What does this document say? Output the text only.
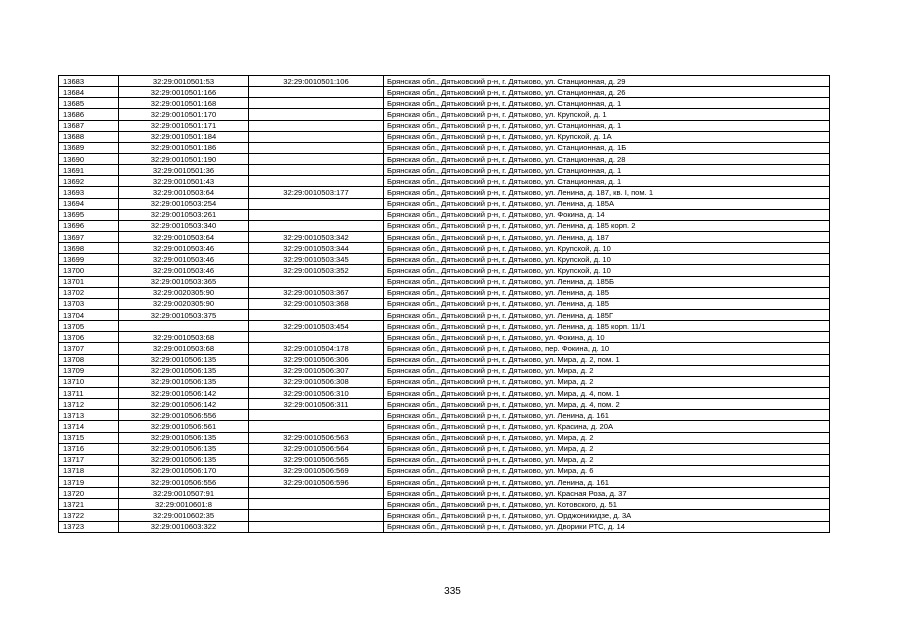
13683	32:29:0010501:53	32:29:0010501:106	Брянская обл., Дятьковский р-н, г. Дятьково, ул. Станционная, д. 29
13684	32:29:0010501:166		Брянская обл., Дятьковский р-н, г. Дятьково, ул. Станционная, д. 26
13685	32:29:0010501:168		Брянская обл., Дятьковский р-н, г. Дятьково, ул. Станционная, д. 1
13686	32:29:0010501:170		Брянская обл., Дятьковский р-н, г. Дятьково, ул. Крупской, д. 1
13687	32:29:0010501:171		Брянская обл., Дятьковский р-н, г. Дятьково, ул. Станционная, д. 1
13688	32:29:0010501:184		Брянская обл., Дятьковский р-н, г. Дятьково, ул. Крупской, д. 1А
13689	32:29:0010501:186		Брянская обл., Дятьковский р-н, г. Дятьково, ул. Станционная, д. 1Б
13690	32:29:0010501:190		Брянская обл., Дятьковский р-н, г. Дятьково, ул. Станционная, д. 28
13691	32:29:0010501:36		Брянская обл., Дятьковский р-н, г. Дятьково, ул. Станционная, д. 1
13692	32:29:0010501:43		Брянская обл., Дятьковский р-н, г. Дятьково, ул. Станционная, д. 1
13693	32:29:0010503:64	32:29:0010503:177	Брянская обл., Дятьковский р-н, г. Дятьково, ул. Ленина, д. 187, кв. I, пом. 1
13694	32:29:0010503:254		Брянская обл., Дятьковский р-н, г. Дятьково, ул. Ленина, д. 185А
13695	32:29:0010503:261		Брянская обл., Дятьковский р-н, г. Дятьково, ул. Фокина, д. 14
13696	32:29:0010503:340		Брянская обл., Дятьковский р-н, г. Дятьково, ул. Ленина, д. 185 корп. 2
13697	32:29:0010503:64	32:29:0010503:342	Брянская обл., Дятьковский р-н, г. Дятьково, ул. Ленина, д. 187
13698	32:29:0010503:46	32:29:0010503:344	Брянская обл., Дятьковский р-н, г. Дятьково, ул. Крупской, д. 10
13699	32:29:0010503:46	32:29:0010503:345	Брянская обл., Дятьковский р-н, г. Дятьково, ул. Крупской, д. 10
13700	32:29:0010503:46	32:29:0010503:352	Брянская обл., Дятьковский р-н, г. Дятьково, ул. Крупской, д. 10
13701	32:29:0010503:365		Брянская обл., Дятьковский р-н, г. Дятьково, ул. Ленина, д. 185Б
13702	32:29:0020305:90	32:29:0010503:367	Брянская обл., Дятьковский р-н, г. Дятьково, ул. Ленина, д. 185
13703	32:29:0020305:90	32:29:0010503:368	Брянская обл., Дятьковский р-н, г. Дятьково, ул. Ленина, д. 185
13704	32:29:0010503:375		Брянская обл., Дятьковский р-н, г. Дятьково, ул. Ленина, д. 185Г
13705		32:29:0010503:454	Брянская обл., Дятьковский р-н, г. Дятьково, ул. Ленина, д. 185 корп. 11/1
13706	32:29:0010503:68		Брянская обл., Дятьковский р-н, г. Дятьково, ул. Фокина, д. 10
13707	32:29:0010503:68	32:29:0010504:178	Брянская обл., Дятьковский р-н, г. Дятьково, пер. Фокина, д. 10
13708	32:29:0010506:135	32:29:0010506:306	Брянская обл., Дятьковский р-н, г. Дятьково, ул. Мира, д. 2, пом. 1
13709	32:29:0010506:135	32:29:0010506:307	Брянская обл., Дятьковский р-н, г. Дятьково, ул. Мира, д. 2
13710	32:29:0010506:135	32:29:0010506:308	Брянская обл., Дятьковский р-н, г. Дятьково, ул. Мира, д. 2
13711	32:29:0010506:142	32:29:0010506:310	Брянская обл., Дятьковский р-н, г. Дятьково, ул. Мира, д. 4, пом. 1
13712	32:29:0010506:142	32:29:0010506:311	Брянская обл., Дятьковский р-н, г. Дятьково, ул. Мира, д. 4, пом. 2
13713	32:29:0010506:556		Брянская обл., Дятьковский р-н, г. Дятьково, ул. Ленина, д. 161
13714	32:29:0010506:561		Брянская обл., Дятьковский р-н, г. Дятьково, ул. Красина, д. 20А
13715	32:29:0010506:135	32:29:0010506:563	Брянская обл., Дятьковский р-н, г. Дятьково, ул. Мира, д. 2
13716	32:29:0010506:135	32:29:0010506:564	Брянская обл., Дятьковский р-н, г. Дятьково, ул. Мира, д. 2
13717	32:29:0010506:135	32:29:0010506:565	Брянская обл., Дятьковский р-н, г. Дятьково, ул. Мира, д. 2
13718	32:29:0010506:170	32:29:0010506:569	Брянская обл., Дятьковский р-н, г. Дятьково, ул. Мира, д. 6
13719	32:29:0010506:556	32:29:0010506:596	Брянская обл., Дятьковский р-н, г. Дятьково, ул. Ленина, д. 161
13720	32:29:0010507:91		Брянская обл., Дятьковский р-н, г. Дятьково, ул. Красная Роза, д. 37
13721	32:29:0010601:8		Брянская обл., Дятьковский р-н, г. Дятьково, ул. Котовского, д. 51
13722	32:29:0010602:35		Брянская обл., Дятьковский р-н, г. Дятьково, ул. Орджоникидзе, д. 3А
13723	32:29:0010603:322		Брянская обл., Дятьковский р-н, г. Дятьково, ул. Дворики РТС, д. 14
335
